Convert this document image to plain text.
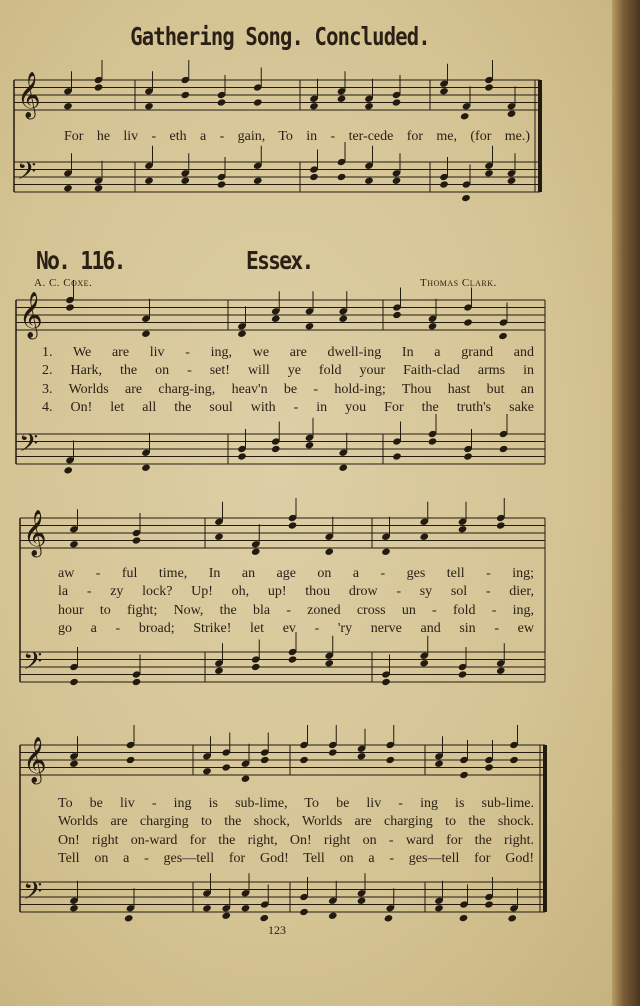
𝄞
𝄢
𝄞
𝄢
𝄞
𝄢
𝄞
𝄢
Gathering Song. Concluded.
For he liv - eth a - gain, To in - ter-cede for me, (for me.)
No. 116.	Essex.
A. C. Coxe.	Thomas Clark.
1. We are liv - ing, we are dwell-ing In a grand and
2. Hark, the on - set! will ye fold your Faith-clad arms in
3. Worlds are charg-ing, heav'n be - hold-ing; Thou hast but an
4. On! let all the soul with - in you For the truth's sake
aw - ful time, In an age on a - ges tell - ing;
la - zy lock? Up! oh, up! thou drow - sy sol - dier,
hour to fight; Now, the bla - zoned cross un - fold - ing,
go a - broad; Strike! let ev - 'ry nerve and sin - ew
To be liv - ing is sub-lime, To be liv - ing is sub-lime.
Worlds are charging to the shock, Worlds are charging to the shock.
On! right on-ward for the right, On! right on - ward for the right.
Tell on a - ges—tell for God! Tell on a - ges—tell for God!
123
